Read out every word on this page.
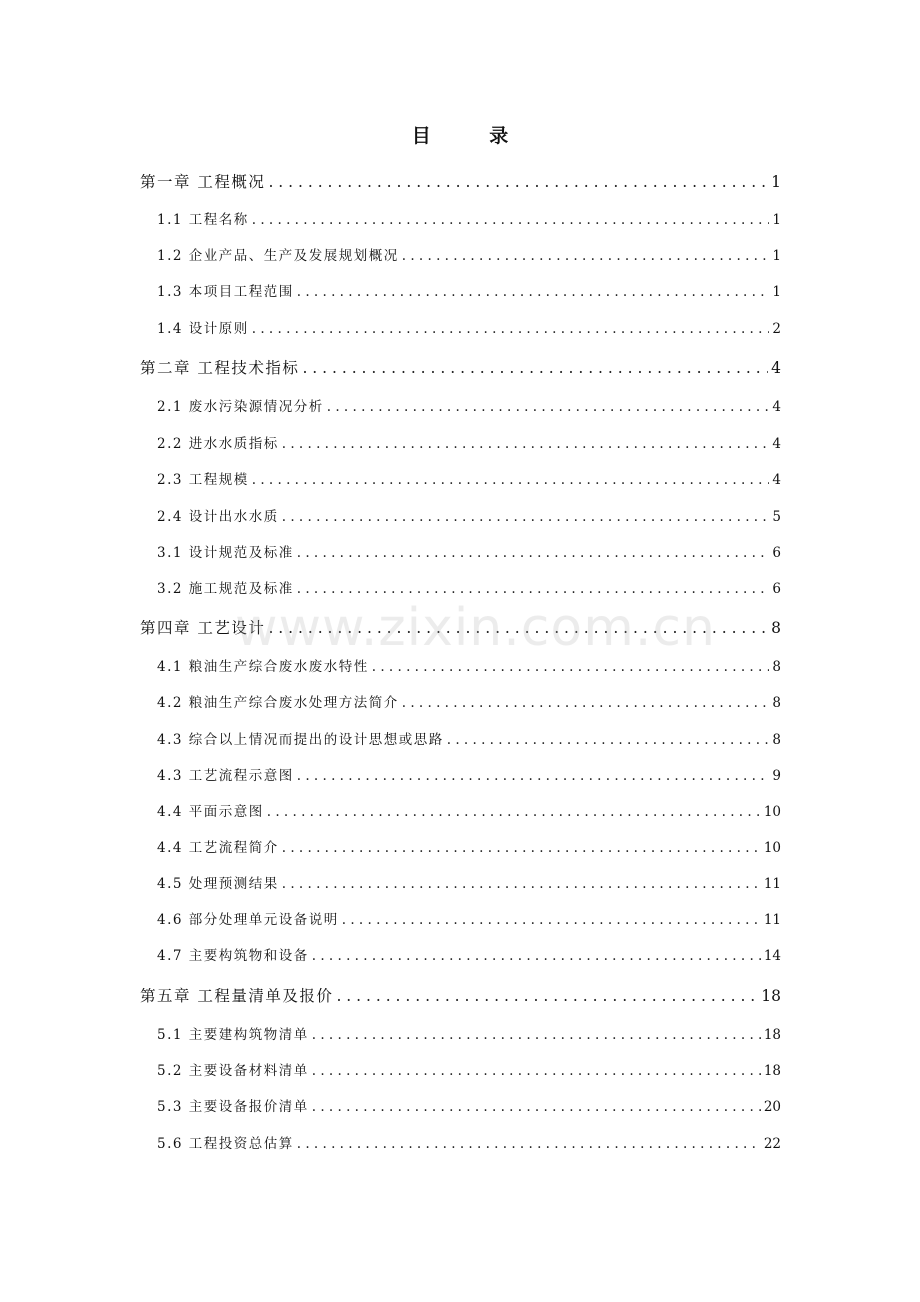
目 录
第一章 工程概况 . . .	1
1.1 工程名称 . . .	1
1.2 企业产品、生产及发展规划概况 . . .	1
1.3 本项目工程范围 . . .	1
1.4 设计原则 . . .	2
第二章 工程技术指标 . . .	4
2.1 废水污染源情况分析 . . .	4
2.2 进水水质指标 . . .	4
2.3 工程规模 . . .	4
2.4 设计出水水质 . . .	5
3.1 设计规范及标准 . . .	6
3.2 施工规范及标准 . . .	6
第四章 工艺设计 . . .	8
4.1 粮油生产综合废水废水特性 . . .	8
4.2 粮油生产综合废水处理方法简介 . . .	8
4.3 综合以上情况而提出的设计思想或思路 . . .	8
4.3 工艺流程示意图 . . .	9
4.4 平面示意图 . . .	10
4.4 工艺流程简介 . . .	10
4.5 处理预测结果 . . .	11
4.6 部分处理单元设备说明 . . .	11
4.7 主要构筑物和设备 . . .	14
第五章 工程量清单及报价 . . .	18
5.1 主要建构筑物清单 . . .	18
5.2 主要设备材料清单 . . .	18
5.3 主要设备报价清单 . . .	20
5.6 工程投资总估算 . . .	22
www.zixin.com.cn
